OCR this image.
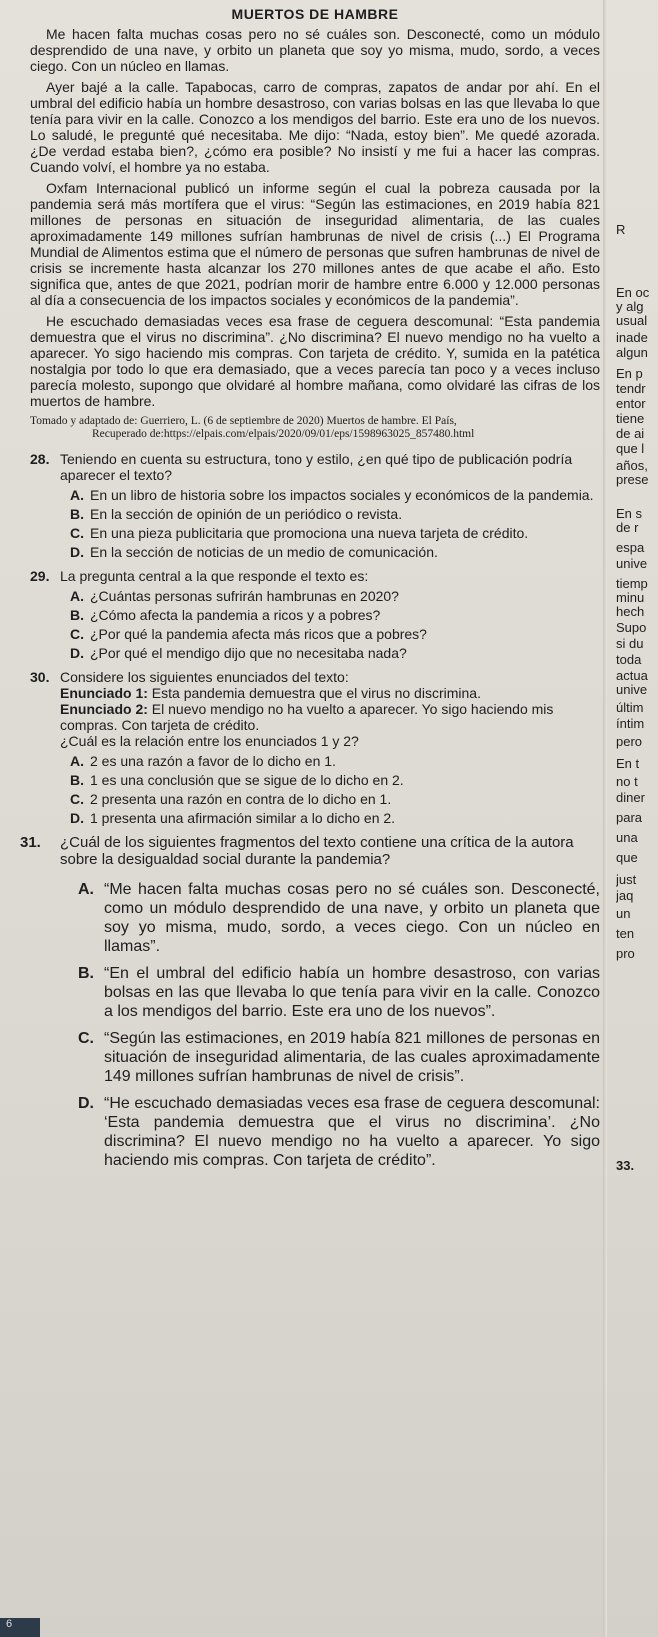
MUERTOS DE HAMBRE

Me hacen falta muchas cosas pero no sé cuáles son. Desconecté, como un módulo desprendido de una nave, y orbito un planeta que soy yo misma, mudo, sordo, a veces ciego. Con un núcleo en llamas.

Ayer bajé a la calle. Tapabocas, carro de compras, zapatos de andar por ahí. En el umbral del edificio había un hombre desastroso, con varias bolsas en las que llevaba lo que tenía para vivir en la calle. Conozco a los mendigos del barrio. Este era uno de los nuevos. Lo saludé, le pregunté qué necesitaba. Me dijo: “Nada, estoy bien”. Me quedé azorada. ¿De verdad estaba bien?, ¿cómo era posible? No insistí y me fui a hacer las compras. Cuando volví, el hombre ya no estaba.

Oxfam Internacional publicó un informe según el cual la pobreza causada por la pandemia será más mortífera que el virus: “Según las estimaciones, en 2019 había 821 millones de personas en situación de inseguridad alimentaria, de las cuales aproximadamente 149 millones sufrían hambrunas de nivel de crisis (...) El Programa Mundial de Alimentos estima que el número de personas que sufren hambrunas de nivel de crisis se incremente hasta alcanzar los 270 millones antes de que acabe el año. Esto significa que, antes de que 2021, podrían morir de hambre entre 6.000 y 12.000 personas al día a consecuencia de los impactos sociales y económicos de la pandemia”.

He escuchado demasiadas veces esa frase de ceguera descomunal: “Esta pandemia demuestra que el virus no discrimina”. ¿No discrimina? El nuevo mendigo no ha vuelto a aparecer. Yo sigo haciendo mis compras. Con tarjeta de crédito. Y, sumida en la patética nostalgia por todo lo que era demasiado, que a veces parecía tan poco y a veces incluso parecía molesto, supongo que olvidaré al hombre mañana, como olvidaré las cifras de los muertos de hambre.

Tomado y adaptado de: Guerriero, L. (6 de septiembre de 2020) Muertos de hambre. El País,
Recuperado de:https://elpais.com/elpais/2020/09/01/eps/1598963025_857480.html
28. Teniendo en cuenta su estructura, tono y estilo, ¿en qué tipo de publicación podría aparecer el texto?
A. En un libro de historia sobre los impactos sociales y económicos de la pandemia.
B. En la sección de opinión de un periódico o revista.
C. En una pieza publicitaria que promociona una nueva tarjeta de crédito.
D. En la sección de noticias de un medio de comunicación.
29. La pregunta central a la que responde el texto es:
A. ¿Cuántas personas sufrirán hambrunas en 2020?
B. ¿Cómo afecta la pandemia a ricos y a pobres?
C. ¿Por qué la pandemia afecta más ricos que a pobres?
D. ¿Por qué el mendigo dijo que no necesitaba nada?
30. Considere los siguientes enunciados del texto:
Enunciado 1: Esta pandemia demuestra que el virus no discrimina.
Enunciado 2: El nuevo mendigo no ha vuelto a aparecer. Yo sigo haciendo mis compras. Con tarjeta de crédito.
¿Cuál es la relación entre los enunciados 1 y 2?
A. 2 es una razón a favor de lo dicho en 1.
B. 1 es una conclusión que se sigue de lo dicho en 2.
C. 2 presenta una razón en contra de lo dicho en 1.
D. 1 presenta una afirmación similar a lo dicho en 2.
31. ¿Cuál de los siguientes fragmentos del texto contiene una crítica de la autora sobre la desigualdad social durante la pandemia?
A. “Me hacen falta muchas cosas pero no sé cuáles son. Desconecté, como un módulo desprendido de una nave, y orbito un planeta que soy yo misma, mudo, sordo, a veces ciego. Con un núcleo en llamas”.
B. “En el umbral del edificio había un hombre desastroso, con varias bolsas en las que llevaba lo que tenía para vivir en la calle. Conozco a los mendigos del barrio. Este era uno de los nuevos”.
C. “Según las estimaciones, en 2019 había 821 millones de personas en situación de inseguridad alimentaria, de las cuales aproximadamente 149 millones sufrían hambrunas de nivel de crisis”.
D. “He escuchado demasiadas veces esa frase de ceguera descomunal: ‘Esta pandemia demuestra que el virus no discrimina’. ¿No discrimina? El nuevo mendigo no ha vuelto a aparecer. Yo sigo haciendo mis compras. Con tarjeta de crédito”.
R
En oc
y alg
usual
inade
algun
En p
tendr
entor
tiene
de ai
que l
años,
prese
En s
de r
espa
unive
tiemp
minu
hech
Supo
si du
toda
actua
unive
últim
íntim
pero
En t
no t
diner
para
una
que
just
jaq
un
ten
pro
33.
6
